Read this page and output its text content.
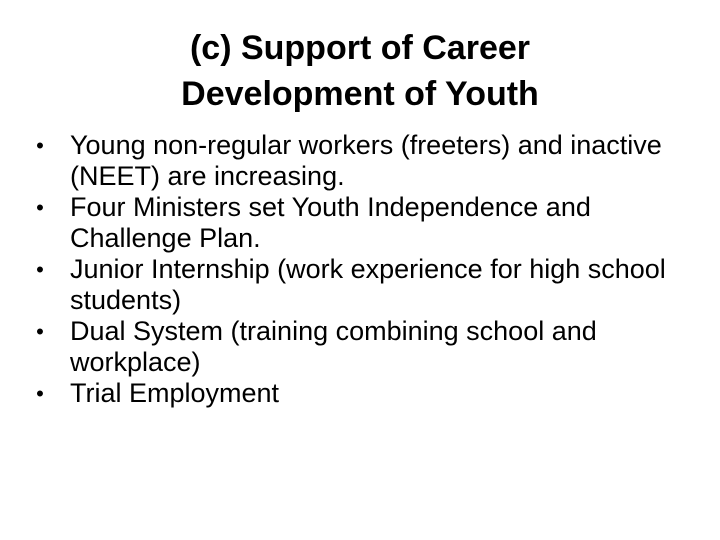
(c) Support of Career
Development of Youth
• Young non-regular workers (freeters) and inactive (NEET) are increasing.
• Four Ministers set Youth Independence and Challenge Plan.
• Junior Internship (work experience for high school students)
• Dual System (training combining school and workplace)
• Trial Employment
